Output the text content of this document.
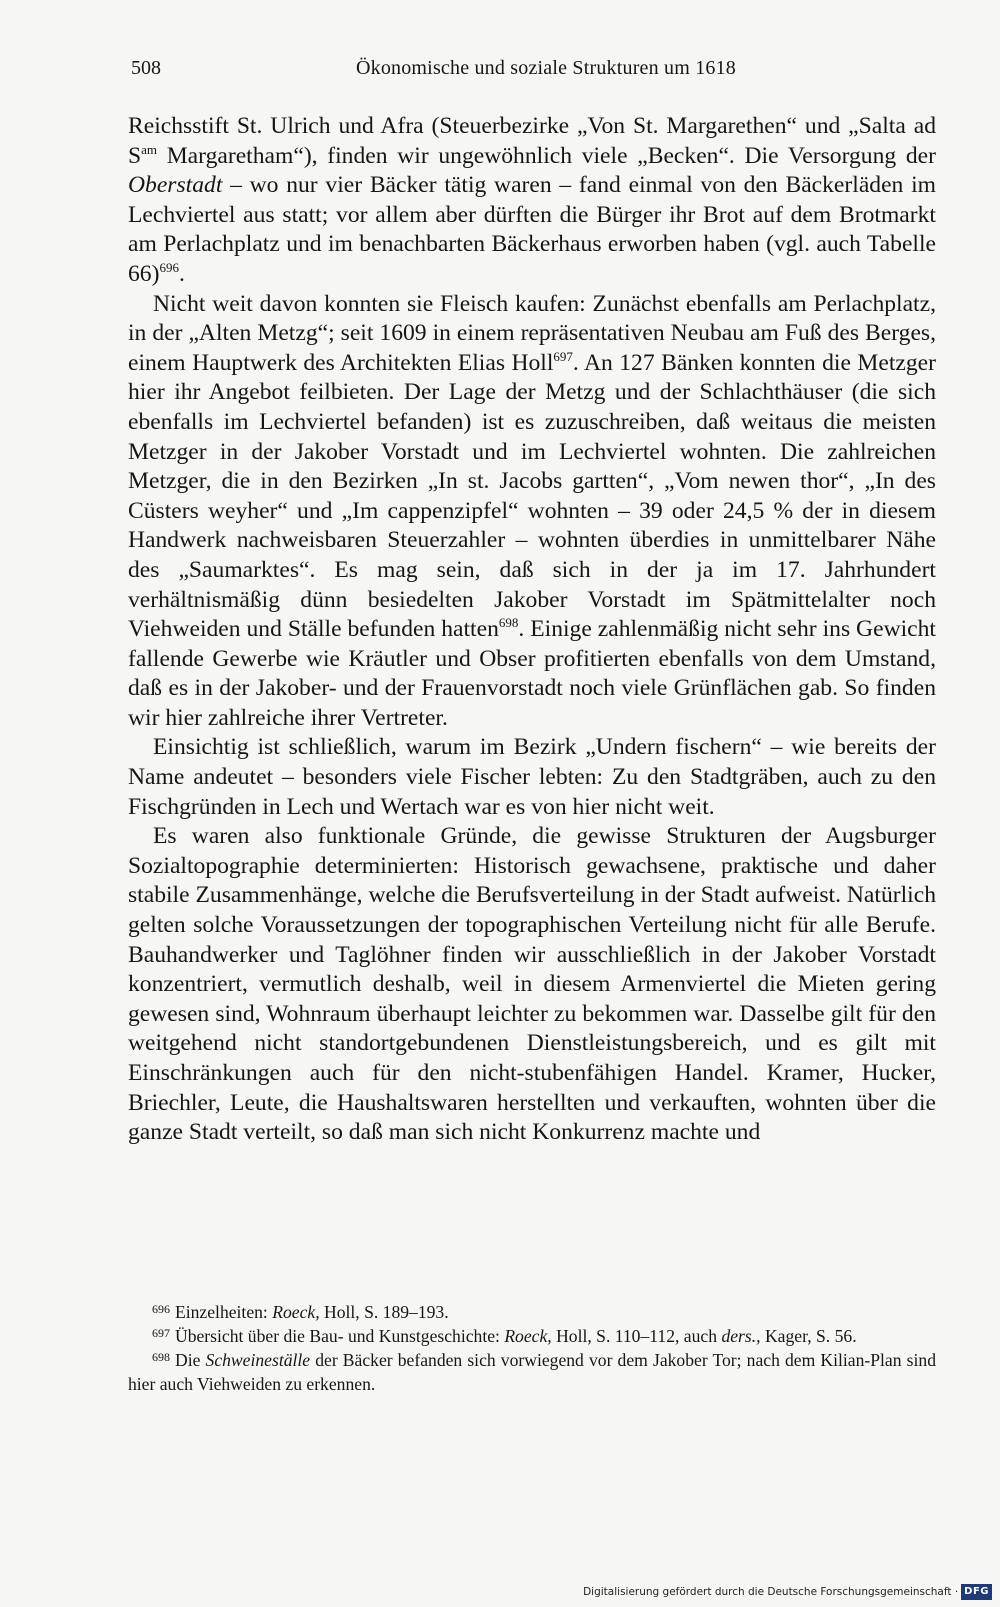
508	Ökonomische und soziale Strukturen um 1618

Reichsstift St. Ulrich und Afra (Steuerbezirke „Von St. Margarethen“ und „Salta ad $S^{am}$ Margaretham“), finden wir ungewöhnlich viele „Becken“. Die Versorgung der Oberstadt – wo nur vier Bäcker tätig waren – fand einmal von den Bäckerläden im Lechviertel aus statt; vor allem aber dürften die Bürger ihr Brot auf dem Brotmarkt am Perlachplatz und im benachbarten Bäckerhaus erworben haben (vgl. auch Tabelle 66)$^{696}$.

Nicht weit davon konnten sie Fleisch kaufen: Zunächst ebenfalls am Perlachplatz, in der „Alten Metzg“; seit 1609 in einem repräsentativen Neubau am Fuß des Berges, einem Hauptwerk des Architekten Elias Holl$^{697}$. An 127 Bänken konnten die Metzger hier ihr Angebot feilbieten. Der Lage der Metzg und der Schlachthäuser (die sich ebenfalls im Lechviertel befanden) ist es zuzuschreiben, daß weitaus die meisten Metzger in der Jakober Vorstadt und im Lechviertel wohnten. Die zahlreichen Metzger, die in den Bezirken „In st. Jacobs gartten“, „Vom newen thor“, „In des Cüsters weyher“ und „Im cappenzipfel“ wohnten – 39 oder 24,5 % der in diesem Handwerk nachweisbaren Steuerzahler – wohnten überdies in unmittelbarer Nähe des „Saumarktes“. Es mag sein, daß sich in der ja im 17. Jahrhundert verhältnismäßig dünn besiedelten Jakober Vorstadt im Spätmittelalter noch Viehweiden und Ställe befunden hatten$^{698}$. Einige zahlenmäßig nicht sehr ins Gewicht fallende Gewerbe wie Kräutler und Obser profitierten ebenfalls von dem Umstand, daß es in der Jakober- und der Frauenvorstadt noch viele Grünflächen gab. So finden wir hier zahlreiche ihrer Vertreter.

Einsichtig ist schließlich, warum im Bezirk „Undern fischern“ – wie bereits der Name andeutet – besonders viele Fischer lebten: Zu den Stadtgräben, auch zu den Fischgründen in Lech und Wertach war es von hier nicht weit.

Es waren also funktionale Gründe, die gewisse Strukturen der Augsburger Sozialtopographie determinierten: Historisch gewachsene, praktische und daher stabile Zusammenhänge, welche die Berufsverteilung in der Stadt aufweist. Natürlich gelten solche Voraussetzungen der topographischen Verteilung nicht für alle Berufe. Bauhandwerker und Taglöhner finden wir ausschließlich in der Jakober Vorstadt konzentriert, vermutlich deshalb, weil in diesem Armenviertel die Mieten gering gewesen sind, Wohnraum überhaupt leichter zu bekommen war. Dasselbe gilt für den weitgehend nicht standortgebundenen Dienstleistungsbereich, und es gilt mit Einschränkungen auch für den nicht-stubenfähigen Handel. Kramer, Hucker, Briechler, Leute, die Haushaltswaren herstellten und verkauften, wohnten über die ganze Stadt verteilt, so daß man sich nicht Konkurrenz machte und

$^{696}$ Einzelheiten: Roeck, Holl, S. 189–193.

$^{697}$ Übersicht über die Bau- und Kunstgeschichte: Roeck, Holl, S. 110–112, auch ders., Kager, S. 56.

$^{698}$ Die Schweineställe der Bäcker befanden sich vorwiegend vor dem Jakober Tor; nach dem Kilian-Plan sind hier auch Viehweiden zu erkennen.

Digitalisierung gefördert durch die Deutsche Forschungsgemeinschaft · DFG
